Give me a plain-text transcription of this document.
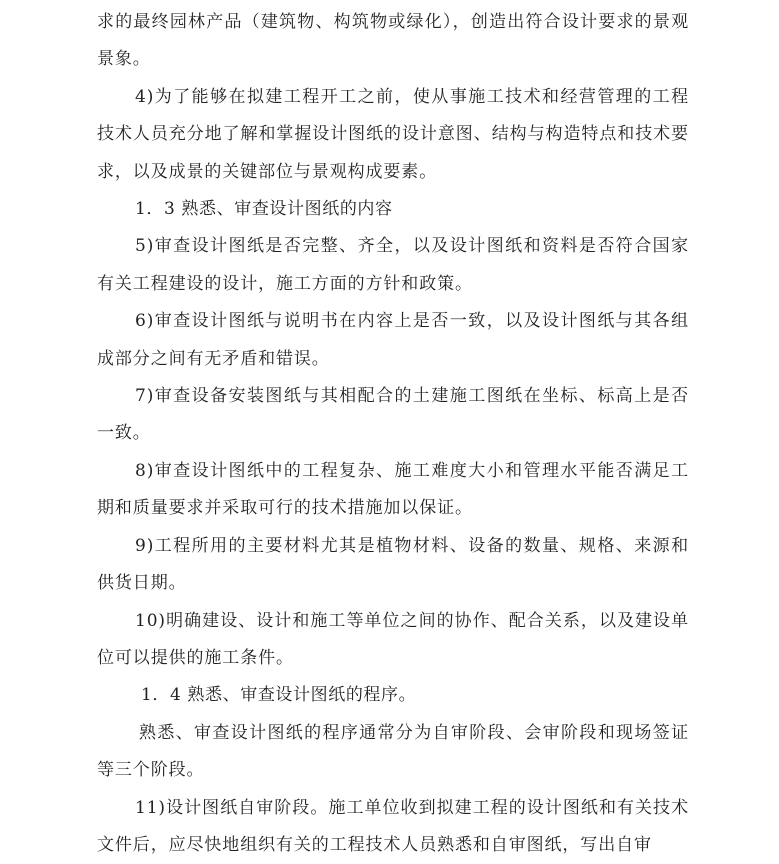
求的最终园林产品（建筑物、构筑物或绿化），创造出符合设计要求的景观景象。

4)为了能够在拟建工程开工之前，使从事施工技术和经营管理的工程技术人员充分地了解和掌握设计图纸的设计意图、结构与构造特点和技术要求，以及成景的关键部位与景观构成要素。

1．3 熟悉、审查设计图纸的内容

5)审查设计图纸是否完整、齐全，以及设计图纸和资料是否符合国家有关工程建设的设计，施工方面的方针和政策。

6)审查设计图纸与说明书在内容上是否一致，以及设计图纸与其各组成部分之间有无矛盾和错误。

7)审查设备安装图纸与其相配合的土建施工图纸在坐标、标高上是否一致。

8)审查设计图纸中的工程复杂、施工难度大小和管理水平能否满足工期和质量要求并采取可行的技术措施加以保证。

9)工程所用的主要材料尤其是植物材料、设备的数量、规格、来源和供货日期。

10)明确建设、设计和施工等单位之间的协作、配合关系，以及建设单位可以提供的施工条件。

1．4 熟悉、审查设计图纸的程序。

熟悉、审查设计图纸的程序通常分为自审阶段、会审阶段和现场签证等三个阶段。

11)设计图纸自审阶段。施工单位收到拟建工程的设计图纸和有关技术文件后，应尽快地组织有关的工程技术人员熟悉和自审图纸，写出自审
